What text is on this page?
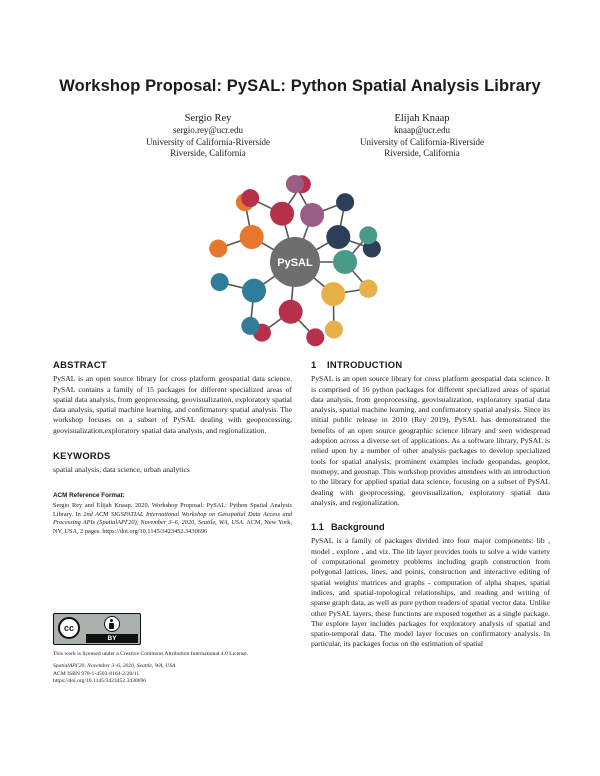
Workshop Proposal: PySAL: Python Spatial Analysis Library
Sergio Rey
sergio.rey@ucr.edu
University of California-Riverside
Riverside, California
Elijah Knaap
knaap@ucr.edu
University of California-Riverside
Riverside, California
PySAL
ABSTRACT

PySAL is an open source library for cross platform geospatial data science. PySAL contains a family of 15 packages for different specialized areas of spatial data analysis, from geoprocessing, geovisualization, exploratory spatial data analysis, spatial machine learning, and confirmatory spatial analysis. The workshop focuses on a subset of PySAL dealing with geoprocessing, geovisualization,exploratory spatial data analysis, and regionalization.

KEYWORDS

spatial analysis, data science, urban analytics

ACM Reference Format:

Sergio Rey and Elijah Knaap. 2020. Workshop Proposal: PySAL: Python Spatial Analysis Library. In 2nd ACM SIGSPATIAL International Workshop on Geospatial Data Access and Processing APIs (SpatialAPI'20), November 3–6, 2020, Seattle, WA, USA. ACM, New York, NY, USA, 2 pages. https://doi.org/10.1145/3423452.3430696

cc
BY
This work is licensed under a Creative Commons Attribution International 4.0 License.
SpatialAPI'20, November 3–6, 2020, Seattle, WA, USA
ACM ISBN 978-1-4503-8164-2/20/11
https://doi.org/10.1145/3423452.3430696
1 INTRODUCTION

PySAL is an open source library for cross platform geospatial data science. It is comprised of 16 python packages for different specialized areas of spatial data analysis, from geoprocessing, geovisualization, exploratory spatial data analysis, spatial machine learning, and confirmatory spatial analysis. Since its initial public release in 2010 (Rey 2019), PySAL has demonstrated the benefits of an open source geographic science library and seen widespread adoption across a diverse set of applications. As a software library, PySAL is relied upon by a number of other analysis packages to develop specialized tools for spatial analysis, prominent examples include geopandas, geoplot, momepy, and geosnap. This workshop provides attendees with an introduction to the library for applied spatial data science, focusing on a subset of PySAL dealing with geoprocessing, geovisualization, exploratory spatial data analysis, and regionalization.

1.1 Background

PySAL is a family of packages divided into four major components: lib , model , explore , and viz. The lib layer provides tools to solve a wide variety of computational geometry problems including graph construction from polygonal lattices, lines, and points, construction and interactive editing of spatial weights matrices and graphs - computation of alpha shapes, spatial indices, and spatial-topological relationships, and reading and writing of sparse graph data, as well as pure python readers of spatial vector data. Unlike other PySAL layers, these functions are exposed together as a single package. The explore layer includes packages for exploratory analysis of spatial and spatio-temporal data. The model layer focuses on confirmatory analysis. In particular, its packages focus on the estimation of spatial
